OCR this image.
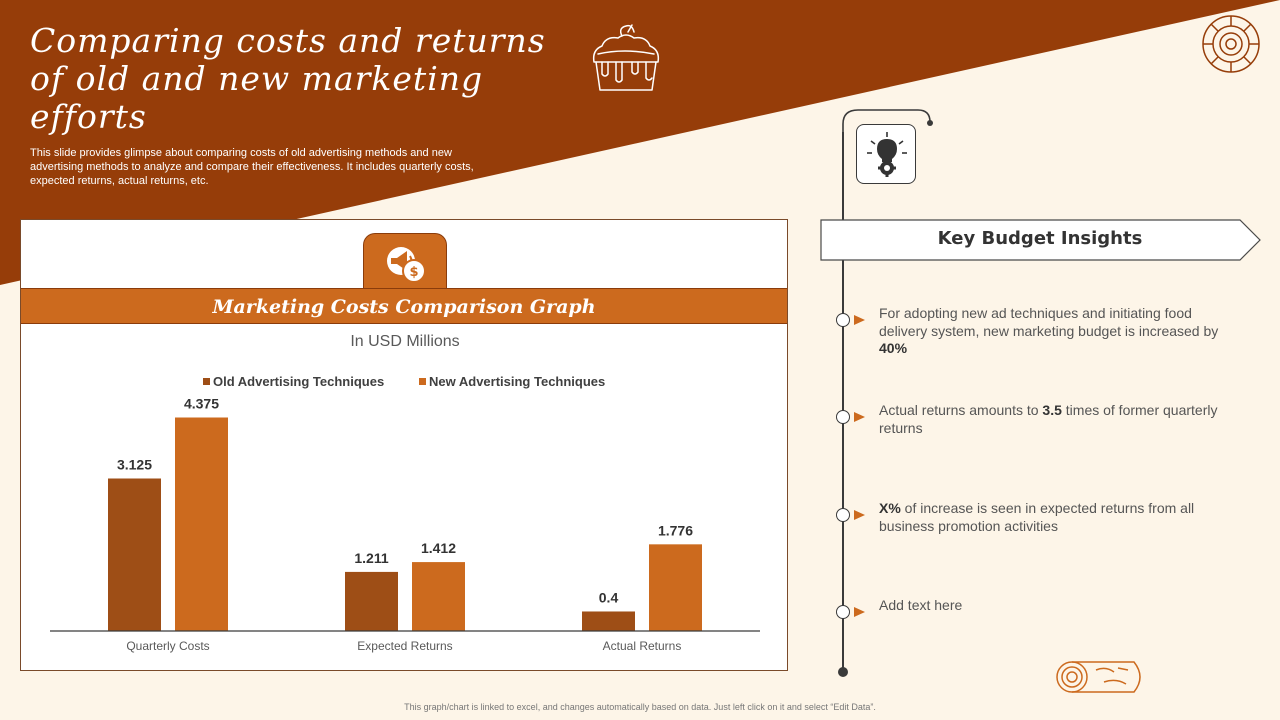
Comparing costs and returns of old and new marketing efforts

This slide provides glimpse about comparing costs of old advertising methods and new advertising methods to analyze and compare their effectiveness. It includes quarterly costs, expected returns, actual returns, etc.

$
Marketing Costs Comparison Graph
In USD Millions
Old Advertising Techniques	New Advertising Techniques
3.125
4.375
1.211
1.412
0.4
1.776
Quarterly Costs	Expected Returns	Actual Returns
Key Budget Insights
For adopting new ad techniques and initiating food delivery system, new marketing budget is increased by 40%
Actual returns amounts to 3.5 times of former quarterly returns
X% of increase is seen in expected returns from all business promotion activities
Add text here
This graph/chart is linked to excel, and changes automatically based on data. Just left click on it and select “Edit Data”.
